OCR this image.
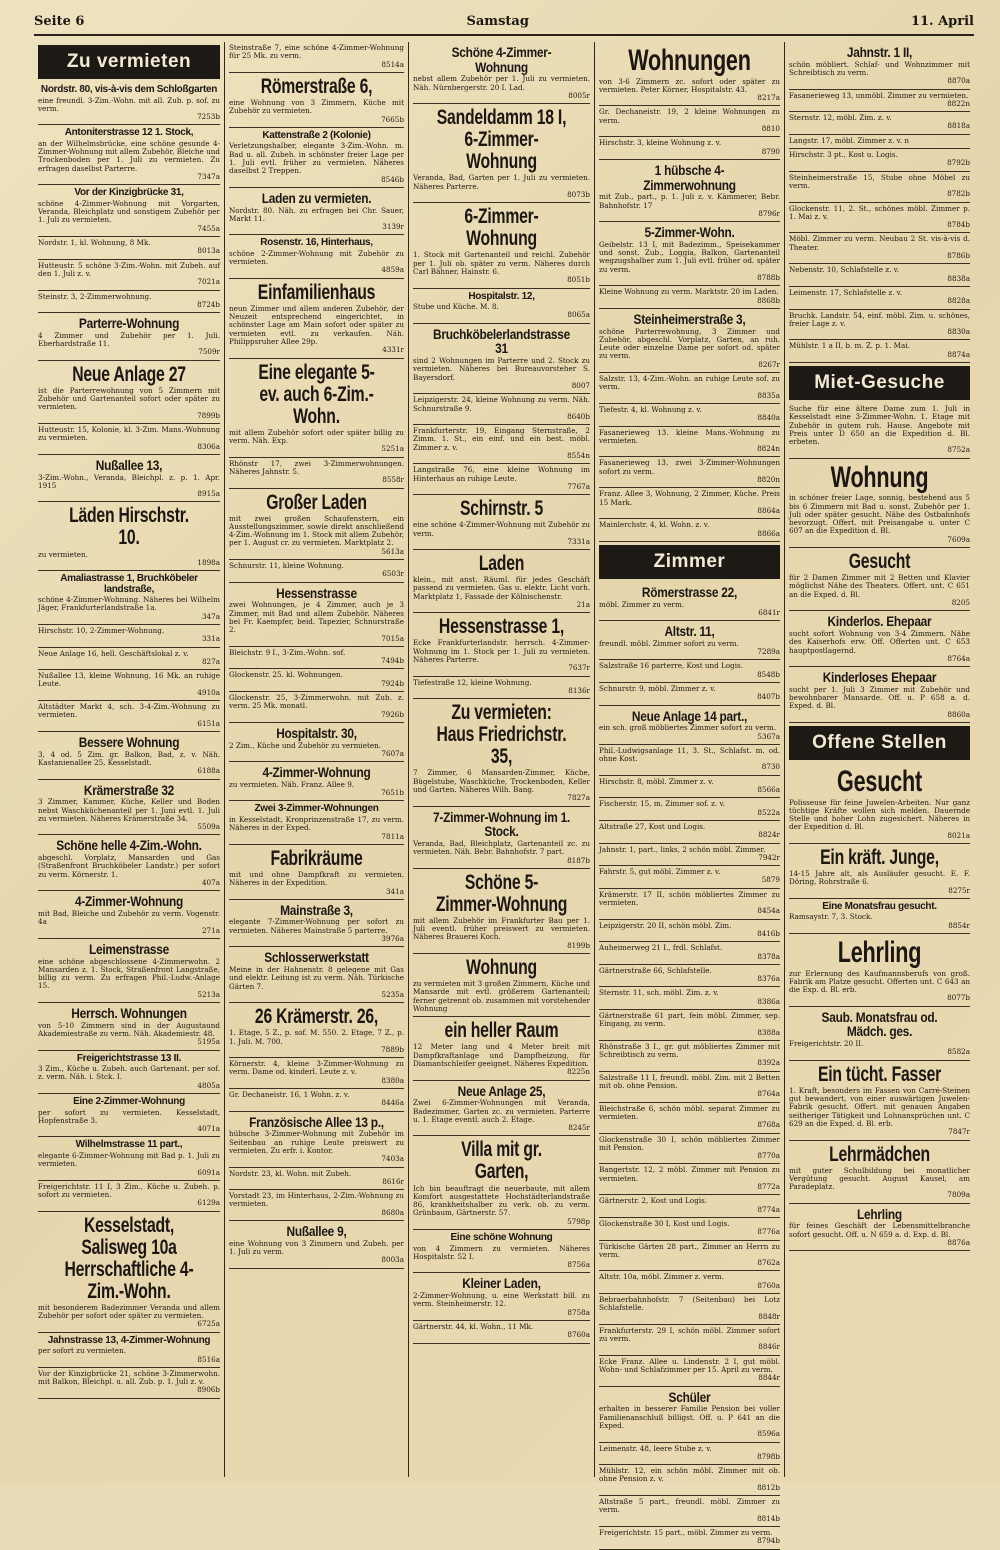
Seite 6	Samstag	11. April
Zu vermieten
Nordstr. 80, vis-à-vis dem Schloßgarten
eine freundl. 3-Zim.-Wohn. mit all. Zub. p. sof. zu verm.
7253b
Antoniterstrasse 12 1. Stock,
an der Wilhelmsbrücke, eine schöne gesunde 4-Zimmer-Wohnung mit allem Zubehör, Bleiche und Trockenboden per 1. Juli zu vermieten. Zu erfragen daselbst Parterre.
7347a
Vor der Kinzigbrücke 31,
schöne 4-Zimmer-Wohnung mit Vorgarten, Veranda, Bleichplatz und sonstigem Zubehör per 1. Juli zu vermieten.
7455a
Nordstr. 1, kl. Wohnung, 8 Mk.
8013a
Hutteustr. 5 schöne 3-Zim.-Wohn. mit Zubeh. auf den 1. Juli z. v.
7021a
Steinstr. 3, 2-Zimmerwohnung.
8724b
Parterre-Wohnung
4 Zimmer und Zubehör per 1. Juli. Eberhardstraße 11.
7509r
Neue Anlage 27
ist die Parterrewohnung von 5 Zimmern mit Zubehör und Gartenanteil sofort oder später zu vermieten.
7899b
Hutteustr. 15, Kolonie, kl. 3-Zim. Mans.-Wohnung zu vermieten.
8306a
Nußallee 13,
3-Zim.-Wohn., Veranda, Bleichpl. z. p. 1. Apr. 1915
8915a
Läden Hirschstr. 10.
zu vermieten.
1898a
Amaliastrasse 1, Bruchköbeler landstraße,
schöne 4-Zimmer-Wohnung. Näheres bei Wilhelm Jäger, Frankfurterlandstraße 1a.
347a
Hirschstr. 10, 2-Zimmer-Wohnung.
331a
Neue Anlage 16, hell. Geschäftslokal z. v.
827a
Nußallee 13, kleine Wohnung, 16 Mk. an ruhige Leute.
4910a
Altstädter Markt 4, sch. 3-4-Zim.-Wohnung zu vermieten.
6151a
Bessere Wohnung
3, 4 od. 5 Zim. gr. Balkon, Bad, z. v. Näh. Kastanienallee 25, Kesselstadt.
6188a
Krämerstraße 32
3 Zimmer, Kammer, Küche, Keller und Boden nebst Waschküchenanteil per 1. Juni evtl. 1. Juli zu vermieten. Näheres Krämerstraße 34.
5509a
Schöne helle 4-Zim.-Wohn.
abgeschl. Vorplatz, Mansarden und Gas (Straßenfront Bruchköbeler Landstr.) per sofort zu verm. Körnerstr. 1.
407a
4-Zimmer-Wohnung
mit Bad, Bleiche und Zubehör zu verm. Vogenstr. 4a
271a
Leimenstrasse
eine schöne abgeschlossene 4-Zimmerwohn. 2 Mansarden z. 1. Stock, Straßenfront Langstraße, billig zu verm. Zu erfragen Phil.-Ludw.-Anlage 15.
5213a
Herrsch. Wohnungen
von 5-10 Zimmern sind in der Augustaund Akademiestraße zu verm. Näh. Akademiestr. 48.
5195a
Freigerichtstrasse 13 II.
3 Zim., Küche u. Zubeh. auch Gartenant. per sof. z. verm. Näh. i. Stck. I.
4805a
Eine 2-Zimmer-Wohnung
per sofort zu vermieten. Kesselstadt, Hopfenstraße 3.
4071a
Wilhelmstrasse 11 part.,
elegante 6-Zimmer-Wohnung mit Bad p. 1. Juli zu vermieten.
6091a
Freigerichtstr. 11 I, 3 Zim., Küche u. Zubeh. p. sofort zu vermieten.
6129a
Kesselstadt, Salisweg 10a Herrschaftliche 4-Zim.-Wohn.
mit besonderem Badezimmer Veranda und allem Zubehör per sofort oder später zu vermieten.
6725a
Jahnstrasse 13, 4-Zimmer-Wohnung
per sofort zu vermieten.
8516a
Vor der Kinzigbrücke 21, schöne 3-Zimmerwohn. mit Balkon, Bleichpl. u. all. Zub. p. 1. Juli z. v.
8906b
Steinstraße 7, eine schöne 4-Zimmer-Wohnung für 25 Mk. zu verm.
8514a
Römerstraße 6,
eine Wohnung von 3 Zimmern, Küche mit Zubehör zu vermieten.
7665b
Kattenstraße 2 (Kolonie)
Verletzungshalber, elegante 3-Zim.-Wohn. m. Bad u. all. Zubeh. in schönster freier Lage per 1. Juli evtl. früher zu vermieten. Näheres daselbst 2 Treppen.
8546b
Laden zu vermieten.
Nordstr. 80. Näh. zu erfragen bei Chr. Sauer, Markt 11.
3139r
Rosenstr. 16, Hinterhaus,
schöne 2-Zimmer-Wohnung mit Zubehör zu vermieten.
4859a
Einfamilienhaus
neun Zimmer und allem anderen Zubehör, der Neuzeit entsprechend eingerichtet, in schönster Lage am Main sofort oder später zu vermieten evtl. zu verkaufen. Näh. Philippsruher Allee 29p.
4331r
Eine elegante 5- ev. auch 6-Zim.-Wohn.
mit allem Zubehör sofort oder später billig zu verm. Näh. Exp.
5251a
Rhönstr 17, zwei 3-Zimmerwohnungen. Näheres Jahnstr. 5.
8558r
Großer Laden
mit zwei großen Schaufenstern, ein Ausstellungszimmer, sowie direkt anschließend 4-Zim.-Wohnung im 1. Stock mit allem Zubehör, per 1. August cr. zu vermieten. Marktplatz 2.
5613a
Schnurstr. 11, kleine Wohnung.
6503r
Hessenstrasse
zwei Wohnungen, je 4 Zimmer, auch je 3 Zimmer, mit Bad und allem Zubehör. Näheres bei Fr. Kaempfer, beid. Tapezier, Schnurstraße 2.
7015a
Bleichstr. 9 I., 3-Zim.-Wohn. sof.
7494b
Glockenstr. 25. kl. Wohnungen.
7924b
Glockenstr. 25, 3-Zimmerwohn. mit Zub. z. verm. 25 Mk. monatl.
7926b
Hospitalstr. 30,
2 Zim., Küche und Zubehör zu vermieten.
7607a
4-Zimmer-Wohnung
zu vermieten. Näh. Franz. Allee 9.
7651b
Zwei 3-Zimmer-Wohnungen
in Kesselstadt, Kronprinzenstraße 17, zu verm. Näheres in der Exped.
7811a
Fabrikräume
mit und ohne Dampfkraft zu vermieten. Näheres in der Expedition.
341a
Mainstraße 3,
elegante 7-Zimmer-Wohnung per sofort zu vermieten. Näheres Mainstraße 5 parterre.
3976a
Schlosserwerkstatt
Meine in der Hahnenstr. 8 gelegene mit Gas und elektr. Leitung ist zu verm. Näh. Türkische Gärten 7.
5235a
26 Krämerstr. 26,
1. Etage, 5 Z., p. sof. M. 550. 2. Etage, 7 Z., p. 1. Juli. M. 700.
7889b
Körnerstr. 4, kleine 3-Zimmer-Wohnung zu verm. Dame od. kinderl. Leute z. v.
8380a
Gr. Dechaneistr. 16, 1 Wohn. z. v.
8446a
Französische Allee 13 p.,
hübsche 3-Zimmer-Wohnung mit Zubehör im Seitenbau an ruhige Leute preiswert zu vermieten. Zu erfr. i. Kontor.
7403a
Nordstr. 23, kl. Wohn. mit Zubeh.
8616r
Vorstadt 23, im Hinterhaus, 2-Zim.-Wohnung zu vermieten.
8680a
Nußallee 9,
eine Wohnung von 3 Zimmern und Zubeh. per 1. Juli zu verm.
8003a
Schöne 4-Zimmer-Wohnung
nebst allem Zubehör per 1. Juli zu vermieten. Näh. Nürnbergerstr. 20 I. Lad.
8005r
Sandeldamm 18 I, 6-Zimmer-Wohnung
Veranda, Bad, Garten per 1. Juli zu vermieten. Näheres Parterre.
8073b
6-Zimmer-Wohnung
1. Stock mit Gartenanteil und reichl. Zubehör per 1. Juli ob. später zu verm. Näheres durch Carl Bähner, Hainstr. 6.
8051b
Hospitalstr. 12,
Stube und Küche. M. 8.
8065a
Bruchköbelerlandstrasse 31
sind 2 Wohnungen im Parterre und 2. Stock zu vermieten. Näheres bei Bureauvorsteher S. Bayersdorf.
8007
Leipzigerstr. 24, kleine Wohnung zu verm. Näh. Schnurstraße 9.
8640b
Frankfurterstr. 19, Eingang Sternstraße, 2 Zimm. 1. St., ein einf. und ein best. möbl. Zimmer z. v.
8554n
Langstraße 76, eine kleine Wohnung im Hinterhaus an ruhige Leute.
7767a
Schirnstr. 5
eine schöne 4-Zimmer-Wohnung mit Zubehör zu verm.
7331a
Laden
klein., mit anst. Räuml. für jedes Geschäft passend zu vermieten. Gas u. elektr. Licht vorh. Marktplatz 1, Fassade der Kölnischenstr.
21a
Hessenstrasse 1,
Ecke Frankfurterlandstr. herrsch. 4-Zimmer-Wohnung im 1. Stock per 1. Juli zu vermieten. Näheres Parterre.
7637r
Tiefestraße 12, kleine Wohnung.
8136r
Zu vermieten: Haus Friedrichstr. 35,
7 Zimmer, 6 Mansarden-Zimmer, Küche, Bügelstube, Waschküche, Trockenboden, Keller und Garten. Näheres Wilh. Bang.
7827a
7-Zimmer-Wohnung im 1. Stock.
Veranda, Bad, Bleichplatz, Gartenanteil zc. zu vermieten. Näh. Bebr. Bahnhofstr. 7 part.
8187b
Schöne 5-Zimmer-Wohnung
mit allem Zubehör im Frankfurter Bau per 1. Juli eventl. früher preiswert zu vermieten. Näheres Brauerei Koch.
8199b
Wohnung
zu vermieten mit 3 großen Zimmern, Küche und Mansarde mit evtl. größerem Gartenanteil; ferner getrennt ob. zusammen mit vorstehender Wohnung
ein heller Raum
12 Meter lang und 4 Meter breit mit Dampfkraftanlage und Dampfheizung, für Diamantschleifer geeignet. Näheres Expedition.
8225n
Neue Anlage 25,
Zwei 6-Zimmer-Wohnungen mit Veranda, Badezimmer, Garten zc. zu vermieten. Parterre u. 1. Etage eventl. auch 2. Etage.
8245r
Villa mit gr. Garten,
Ich bin beauftragt die neuerbaute, mit allem Komfort ausgestattete Hochstädterlandstraße 86, krankheitshalber zu verk. ob. zu verm. Grünbaum, Gärtnerstr. 57.
5798p
Eine schöne Wohnung
von 4 Zimmern zu vermieten. Näheres Hospitalstr. 52 I.
8756a
Kleiner Laden,
2-Zimmer-Wohnung, u. eine Werkstatt bill. zu verm. Steinheimerstr. 12.
8758a
Gärtnerstr. 44, kl. Wohn., 11 Mk.
8760a
Wohnungen
von 3-6 Zimmern zc. sofort oder später zu vermieten. Peter Körner, Hospitalstr. 43.
8217a
Gr. Dechaneistr. 19, 2 kleine Wohnungen zu verm.
8810
Hirschstr. 3, kleine Wohnung z. v.
8790
1 hübsche 4-Zimmerwohnung
mit Zub., part., p. 1. Juli z. v. Kämmerer, Bebr. Bahnhofstr. 17
8796r
5-Zimmer-Wohn.
Geibelstr. 13 I, mit Badezimm., Speisekammer und sonst. Zub., Loggia, Balkon, Gartenanteil wegzugshalber zum 1. Juli evtl. früher od. später zu verm.
8788b
Kleine Wohnung zu verm. Marktstr. 20 im Laden.
8868b
Steinheimerstraße 3,
schöne Parterrewohnung, 3 Zimmer und Zubehör, abgeschl. Vorplatz, Garten, an ruh. Leute oder einzelne Dame per sofort od. später zu verm.
8267r
Salzstr. 13, 4-Zim.-Wohn. an ruhige Leute sof. zu verm.
8835a
Tiefestr. 4, kl. Wohnung z. v.
8840a
Fasanerieweg 13. kleine Mans.-Wohnung zu vermieten.
8824n
Fasanerieweg 13, zwei 3-Zimmer-Wohnungen sofort zu verm.
8820n
Franz. Allee 3, Wohnung, 2 Zimmer, Küche. Preis 15 Mark.
8864a
Mainlerchstr. 4, kl. Wohn. z. v.
8866a
Zimmer
Römerstrasse 22,
möbl. Zimmer zu verm.
6841r
Altstr. 11,
freundl. möbl. Zimmer sofort zu verm.
7289a
Salzstraße 16 parterre, Kost und Logis.
8548b
Schnurstr. 9, möbl. Zimmer z. v.
8407b
Neue Anlage 14 part.,
ein sch. groß möbliertes Zimmer sofort zu verm.
5367a
Phil.-Ludwigsanlage 11, 3. St., Schlafst. m. od. ohne Kost.
8730
Hirschstr. 8, möbl. Zimmer z. v.
8566a
Fischerstr. 15, m. Zimmer sof. z. v.
8522a
Altstraße 27, Kost und Logis.
8824r
Jahnstr. 1, part., links, 2 schön möbl. Zimmer.
7942r
Fahrstr. 5, gut möbl. Zimmer z. v.
5879
Krämerstr. 17 II, schön möbliertes Zimmer zu vermieten.
8454a
Leipzigerstr. 20 II, schön möbl. Zim.
8416b
Auheimerweg 21 I., frdl. Schlafst.
8378a
Gärtnerstraße 66, Schlafstelle.
8376a
Sternstr. 11, sch. möbl. Zim. z. v.
8386a
Gärtnerstraße 61 part, fein möbl. Zimmer, sep. Eingang, zu verm.
8388a
Rhönstraße 3 I., gr. gut möbliertes Zimmer mit Schreibtisch zu verm.
8392a
Salzstraße 11 I, freundl. möbl. Zim. mit 2 Betten mit ob. ohne Pension.
8764a
Bleichstraße 6, schön möbl. separat Zimmer zu vermieten.
8768a
Glockenstraße 30 I, schön möbliertes Zimmer mit Pension.
8770a
Bangertstr. 12, 2 möbl. Zimmer mit Pension zu vermieten.
8772a
Gärtnerstr. 2, Kost und Logis.
8774a
Glockenstraße 30 I, Kost und Logis.
8776a
Türkische Gärten 28 part., Zimmer an Herrn zu verm.
8762a
Altstr. 10a, möbl. Zimmer z. verm.
8760a
Bebraerbahnhofstr. 7 (Seitenbau) bei Lotz Schlafstelle.
8848r
Frankfurterstr. 29 I, schön möbl. Zimmer sofort zu verm.
8846r
Ecke Franz. Allee u. Lindenstr. 2 I, gut möbl. Wohn- und Schlafzimmer per 15. April zu verm.
8844r
Schüler
erhalten in besserer Familie Pension bei voller Familienanschluß billigst. Off. u. P 641 an die Exped.
8596a
Leimenstr. 48, leere Stube z. v.
8798b
Mühlstr. 12, ein schön möbl. Zimmer mit ob. ohne Pension z. v.
8812b
Altstraße 5 part., freundl. möbl. Zimmer zu verm.
8814b
Freigerichtstr. 15 part., möbl. Zimmer zu verm.
8794b
Jahnstr. 1 II,
schön möbliert. Schlaf- und Wohnzimmer mit Schreibtisch zu verm.
8870a
Fasanerieweg 13, unmöbl. Zimmer zu vermieten.
8822n
Sternstr. 12, möbl. Zim. z. v.
8818a
Langstr. 17, möbl. Zimmer z. v. n
Hirschstr. 3 pt., Kost u. Logis.
8792b
Steinheimerstraße 15, Stube ohne Möbel zu verm.
8782b
Glockenstr. 11, 2. St., schönes möbl. Zimmer p. 1. Mai z. v.
8784b
Möbl. Zimmer zu verm. Neubau 2 St. vis-à-vis d. Theater.
8786b
Nebenstr. 10, Schlafstelle z. v.
8838a
Leimenstr. 17, Schlafstelle z. v.
8828a
Bruchk. Landstr. 54, einf. möbl. Zim. u. schönes, freier Lage z. v.
8830a
Mühlstr. 1 a II, b. m. Z. p. 1. Mai.
8874a
Miet-Gesuche
Suche für eine ältere Dame zum 1. Juli in Kesselstadt eine 3-Zimmer-Wohn. 1. Etage mit Zubehör in gutem ruh. Hause. Angebote mit Preis unter D 650 an die Expedition d. Bl. erbeten.
8752a
Wohnung
in schöner freier Lage, sonnig, bestehend aus 5 bis 6 Zimmern mit Bad u. sonst. Zubehör per 1. Juli oder später gesucht. Nähe des Ostbahnhofs bevorzugt. Offert. mit Preisangabe u. unter C 607 an die Expedition d. Bl.
7609a
Gesucht
für 2 Damen Zimmer mit 2 Betten und Klavier möglichst Nähe des Theaters. Offert. unt. C 651 an die Exped. d. Bl.
8205
Kinderlos. Ehepaar
sucht sofort Wohnung von 3-4 Zimmern. Nähe des Kaiserhofs erw. Off. Offerten unt. C 653 hauptpostlagernd.
8764a
Kinderloses Ehepaar
sucht per 1. Juli 3 Zimmer mit Zubehör und bewohnbarer Mansarde. Off. u. P 658 a. d. Exped. d. Bl.
8860a
Offene Stellen
Gesucht
Polisseuse für feine Juwelen-Arbeiten. Nur ganz tüchtige Kräfte wollen sich melden. Dauernde Stelle und hoher Lohn zugesichert. Näheres in der Expedition d. Bl.
8021a
Ein kräft. Junge,
14-15 Jahre alt, als Ausläufer gesucht. E. F. Döring, Rohrstraße 6.
8275r
Eine Monatsfrau gesucht.
Ramsaystr. 7, 3. Stock.
8854r
Lehrling
zur Erlernung des Kaufmannsberufs von groß. Fabrik am Platze gesucht. Offerten unt. C 643 an die Exp. d. Bl. erb.
8077b
Saub. Monatsfrau od. Mädch. ges.
Freigerichtstr. 20 II.
8582a
Ein tücht. Fasser
1. Kraft, besonders im Fassen von Carré-Steinen gut bewandert, von einer auswärtigen Juwelen-Fabrik gesucht. Offert. mit genauen Angaben seitheriger Tätigkeit und Lohnansprüchen unt. C 629 an die Exped. d. Bl. erb.
7847r
Lehrmädchen
mit guter Schulbildung bei monatlicher Vergütung gesucht. August Kausel, am Paradeplatz.
7809a
Lehrling
für feines Geschäft der Lebensmittelbranche sofort gesucht. Off. u. N 659 a. d. Exp. d. Bl.
8876a
